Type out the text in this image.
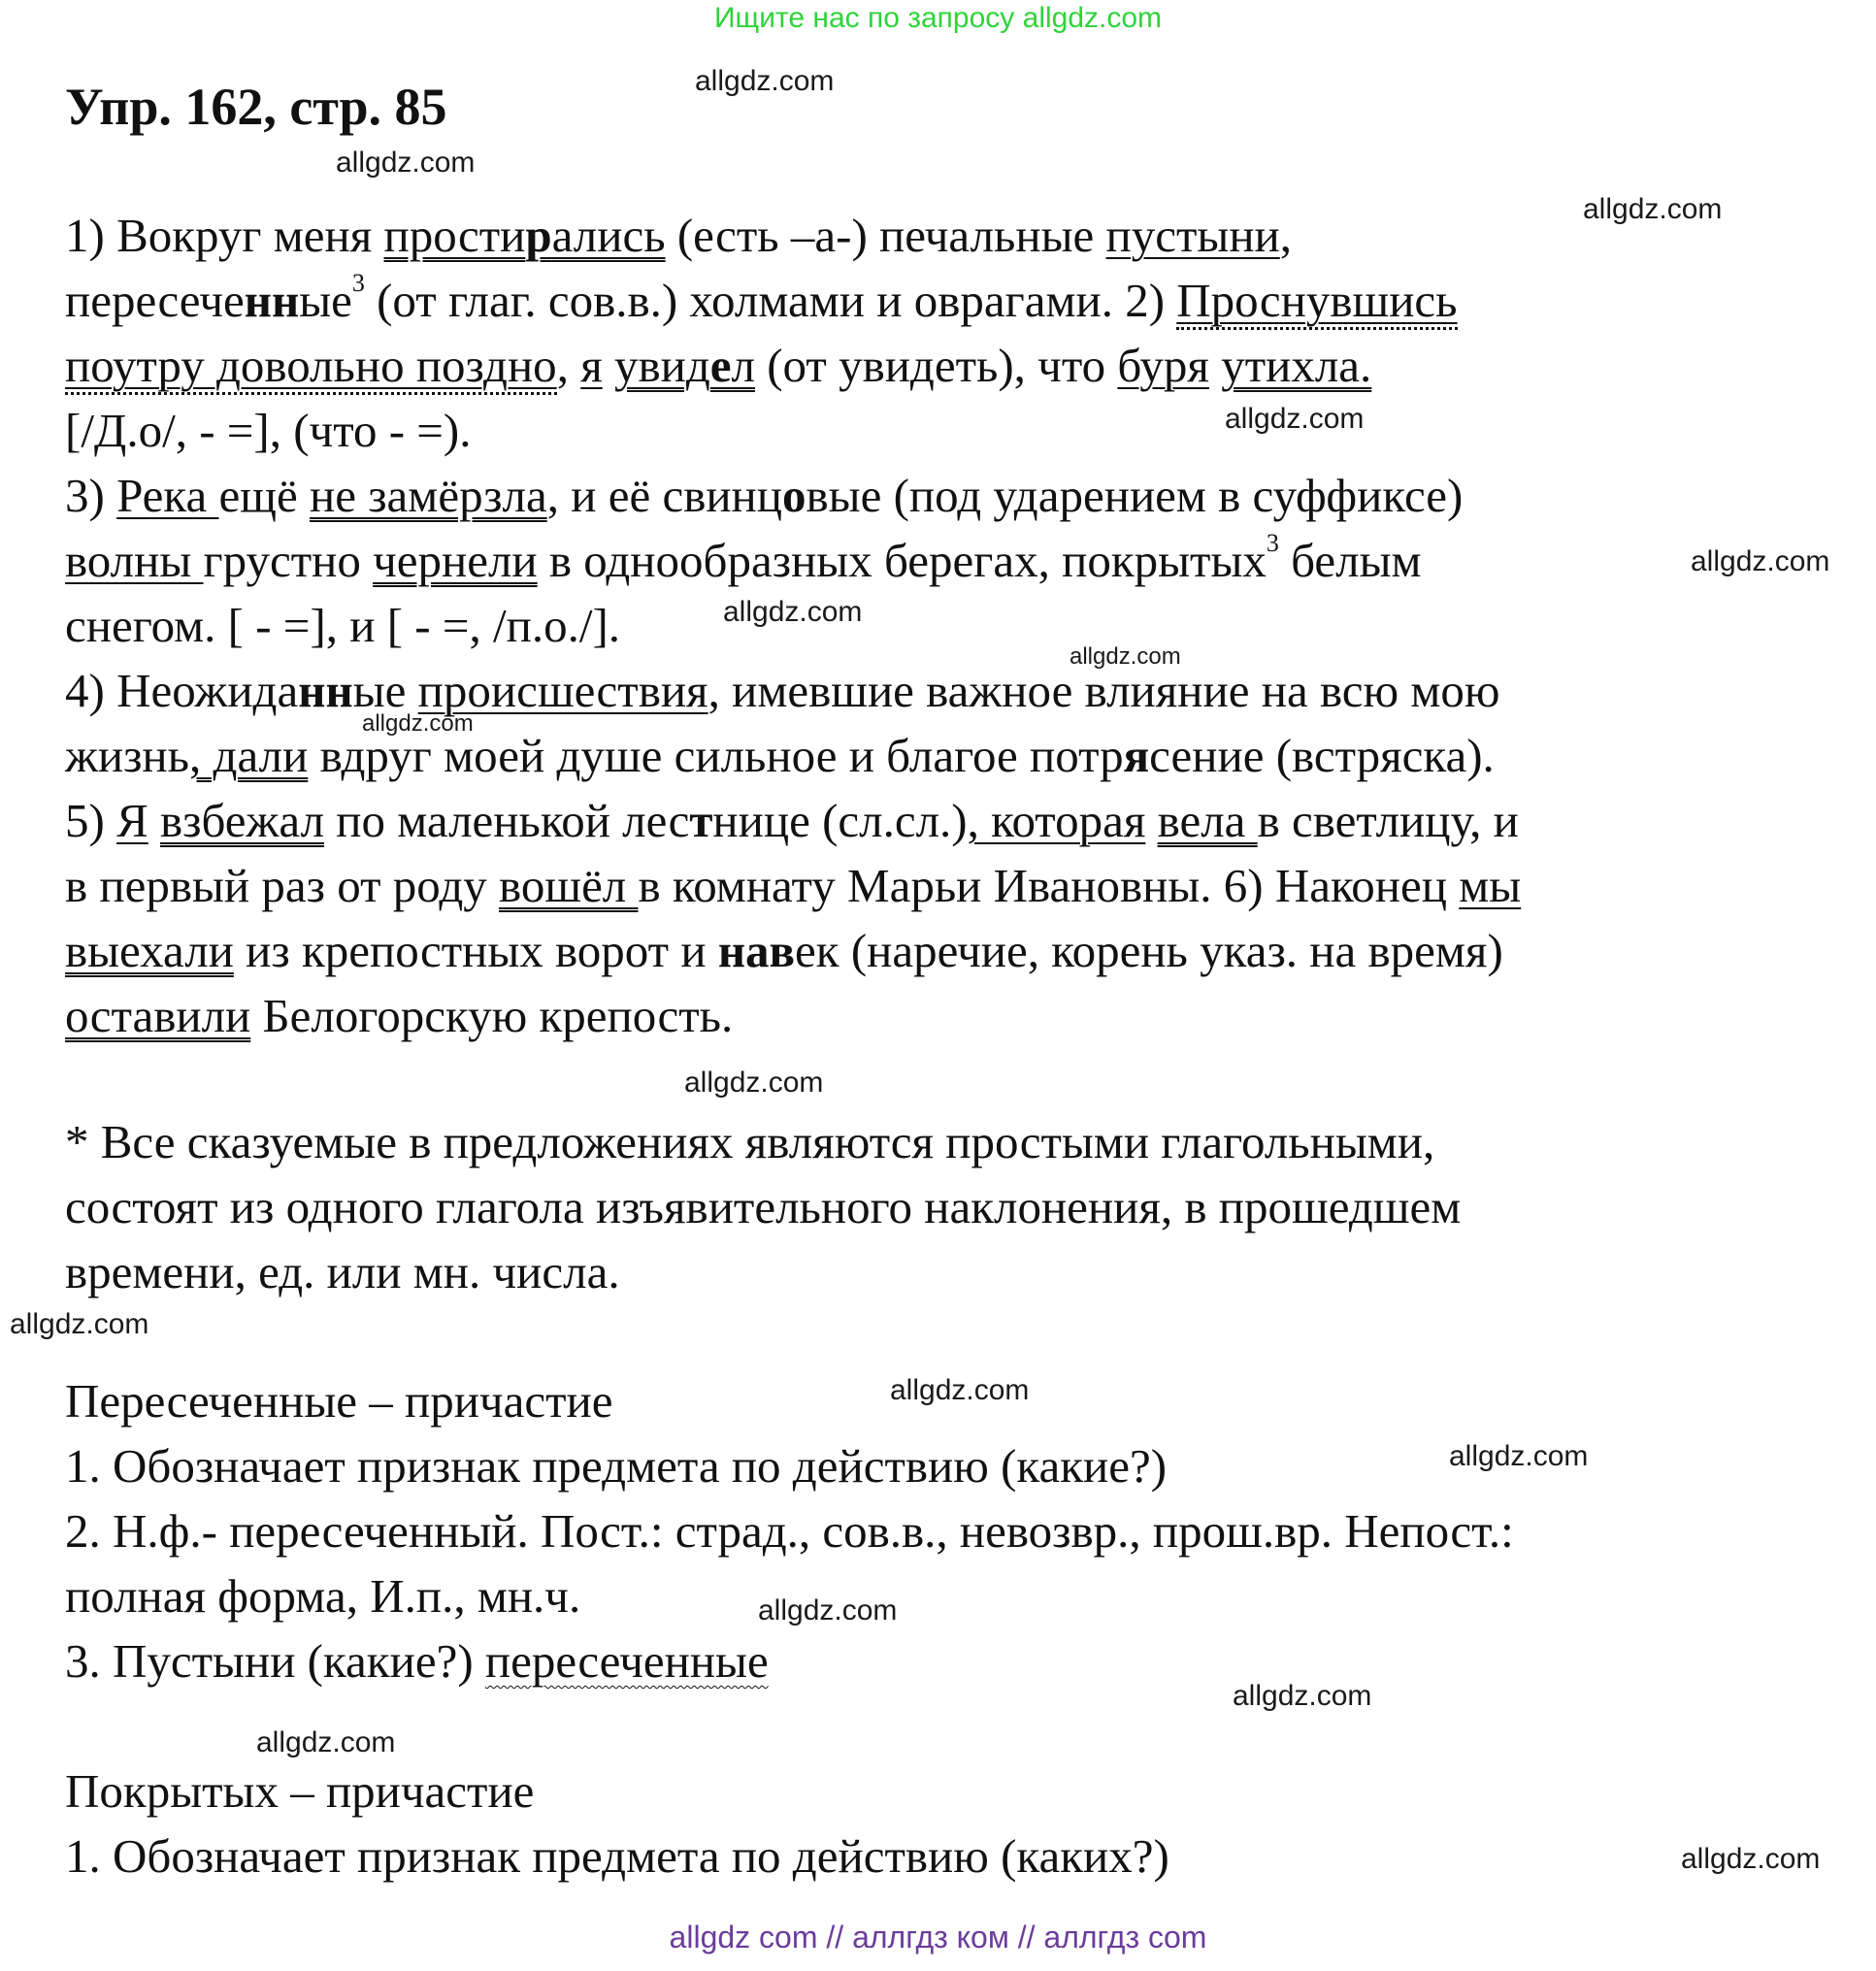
Ищите нас по запросу allgdz.com
Упр. 162, стр. 85
1) Вокруг меня простирались (есть –а-) печальные пустыни,
пересеченные$^3$ (от глаг. сов.в.) холмами и оврагами. 2) Проснувшись
поутру довольно поздно, я увидел (от увидеть), что буря утихла.
[/Д.о/, - =], (что - =).
3) Река ещё не замёрзла, и её свинцовые (под ударением в суффиксе)
волны грустно чернели в однообразных берегах, покрытых$^3$ белым
снегом. [ - =], и [ - =, /п.о./].
4) Неожиданные происшествия, имевшие важное влияние на всю мою
жизнь, дали вдруг моей душе сильное и благое потрясение (встряска).
5) Я взбежал по маленькой лестнице (сл.сл.), которая вела в светлицу, и
в первый раз от роду вошёл в комнату Марьи Ивановны. 6) Наконец мы
выехали из крепостных ворот и навек (наречие, корень указ. на время)
оставили Белогорскую крепость.
* Все сказуемые в предложениях являются простыми глагольными,
состоят из одного глагола изъявительного наклонения, в прошедшем
времени, ед. или мн. числа.
Пересеченные – причастие
1. Обозначает признак предмета по действию (какие?)
2. Н.ф.- пересеченный. Пост.: страд., сов.в., невозвр., прош.вр. Непост.:
полная форма, И.п., мн.ч.
3. Пустыни (какие?) пересеченные
Покрытых – причастие
1. Обозначает признак предмета по действию (каких?)
allgdz.com
allgdz.com
allgdz.com
allgdz.com
allgdz.com
allgdz.com
allgdz.com
allgdz.com
allgdz.com
allgdz.com
allgdz.com
allgdz.com
allgdz.com
allgdz.com
allgdz.com
allgdz.com
allgdz com // аллгдз ком // аллгдз com
